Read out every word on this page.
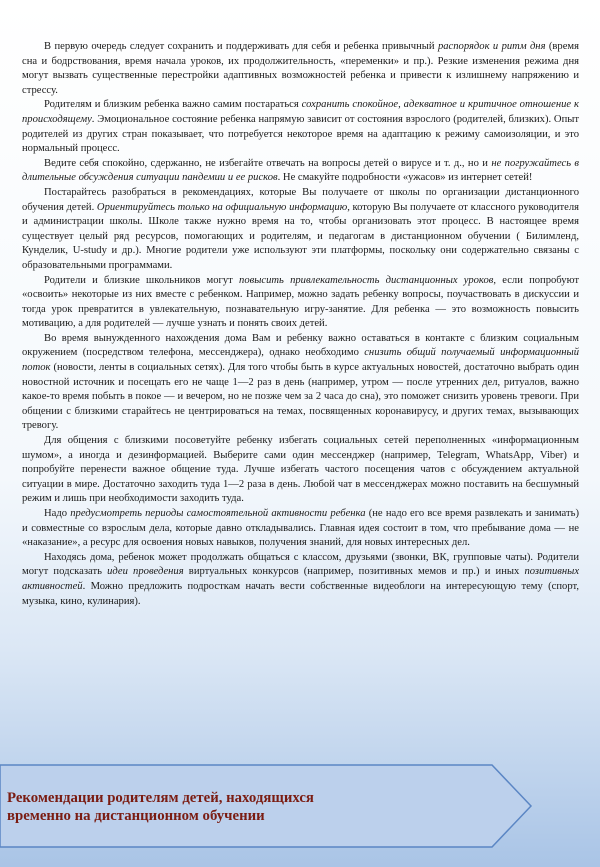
В первую очередь следует сохранить и поддерживать для себя и ребенка привычный распорядок и ритм дня (время сна и бодрствования, время начала уроков, их продолжительность, «переменки» и пр.). Резкие изменения режима дня могут вызвать существенные перестройки адаптивных возможностей ребенка и привести к излишнему напряжению и стрессу.

Родителям и близким ребенка важно самим постараться сохранить спокойное, адекватное и критичное отношение к происходящему. Эмоциональное состояние ребенка напрямую зависит от состояния взрослого (родителей, близких). Опыт родителей из других стран показывает, что потребуется некоторое время на адаптацию к режиму самоизоляции, и это нормальный процесс.

Ведите себя спокойно, сдержанно, не избегайте отвечать на вопросы детей о вирусе и т. д., но и не погружайтесь в длительные обсуждения ситуации пандемии и ее рисков. Не смакуйте подробности «ужасов» из интернет сетей!

Постарайтесь разобраться в рекомендациях, которые Вы получаете от школы по организации дистанционного обучения детей. Ориентируйтесь только на официальную информацию, которую Вы получаете от классного руководителя и администрации школы. Школе также нужно время на то, чтобы организовать этот процесс. В настоящее время существует целый ряд ресурсов, помогающих и родителям, и педагогам в дистанционном обучении ( Билимленд, Кунделик, U-study и др.). Многие родители уже используют эти платформы, поскольку они содержательно связаны с образовательными программами.

Родители и близкие школьников могут повысить привлекательность дистанционных уроков, если попробуют «освоить» некоторые из них вместе с ребенком. Например, можно задать ребенку вопросы, поучаствовать в дискуссии и тогда урок превратится в увлекательную, познавательную игру-занятие. Для ребенка — это возможность повысить мотивацию, а для родителей — лучше узнать и понять своих детей.

Во время вынужденного нахождения дома Вам и ребенку важно оставаться в контакте с близким социальным окружением (посредством телефона, мессенджера), однако необходимо снизить общий получаемый информационный поток (новости, ленты в социальных сетях). Для того чтобы быть в курсе актуальных новостей, достаточно выбрать один новостной источник и посещать его не чаще 1—2 раз в день (например, утром — после утренних дел, ритуалов, важно какое-то время побыть в покое — и вечером, но не позже чем за 2 часа до сна), это поможет снизить уровень тревоги. При общении с близкими старайтесь не центрироваться на темах, посвященных коронавирусу, и других темах, вызывающих тревогу.

Для общения с близкими посоветуйте ребенку избегать социальных сетей переполненных «информационным шумом», а иногда и дезинформацией. Выберите сами один мессенджер (например, Telegram, WhatsApp, Viber) и попробуйте перенести важное общение туда. Лучше избегать частого посещения чатов с обсуждением актуальной ситуации в мире. Достаточно заходить туда 1—2 раза в день. Любой чат в мессенджерах можно поставить на бесшумный режим и лишь при необходимости заходить туда.

Надо предусмотреть периоды самостоятельной активности ребенка (не надо его все время развлекать и занимать) и совместные со взрослым дела, которые давно откладывались. Главная идея состоит в том, что пребывание дома — не «наказание», а ресурс для освоения новых навыков, получения знаний, для новых интересных дел.

Находясь дома, ребенок может продолжать общаться с классом, друзьями (звонки, ВК, групповые чаты). Родители могут подсказать идеи проведения виртуальных конкурсов (например, позитивных мемов и пр.) и иных позитивных активностей. Можно предложить подросткам начать вести собственные видеоблоги на интересующую тему (спорт, музыка, кино, кулинария).

Рекомендации родителям детей, находящихся
временно на дистанционном обучении
